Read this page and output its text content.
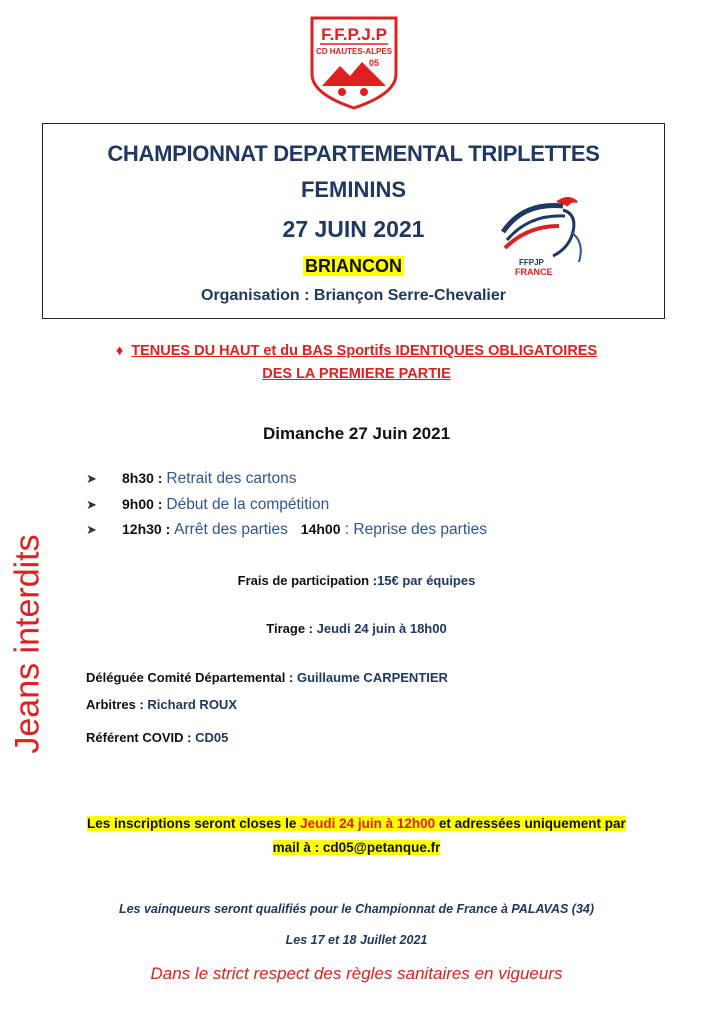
F.F.P.J.P
CD HAUTES-ALPES
05
CHAMPIONNAT DEPARTEMENTAL TRIPLETTES
FEMININS
27 JUIN 2021
BRIANCON
Organisation : Briançon Serre-Chevalier
FFPJP
FRANCE
♦ TENUES DU HAUT et du BAS Sportifs IDENTIQUES OBLIGATOIRES
DES LA PREMIERE PARTIE
Dimanche 27 Juin 2021
➤ 8h30 : Retrait des cartons
➤ 9h00 : Début de la compétition
➤ 12h30 : Arrêt des parties 14h00 : Reprise des parties
Frais de participation :15€ par équipes
Tirage : Jeudi 24 juin à 18h00
Déléguée Comité Départemental : Guillaume CARPENTIER
Arbitres : Richard ROUX
Référent COVID : CD05
Jeans interdits
Les inscriptions seront closes le Jeudi 24 juin à 12h00 et adressées uniquement par
mail à : cd05@petanque.fr
Les vainqueurs seront qualifiés pour le Championnat de France à PALAVAS (34)
Les 17 et 18 Juillet 2021
Dans le strict respect des règles sanitaires en vigueurs
